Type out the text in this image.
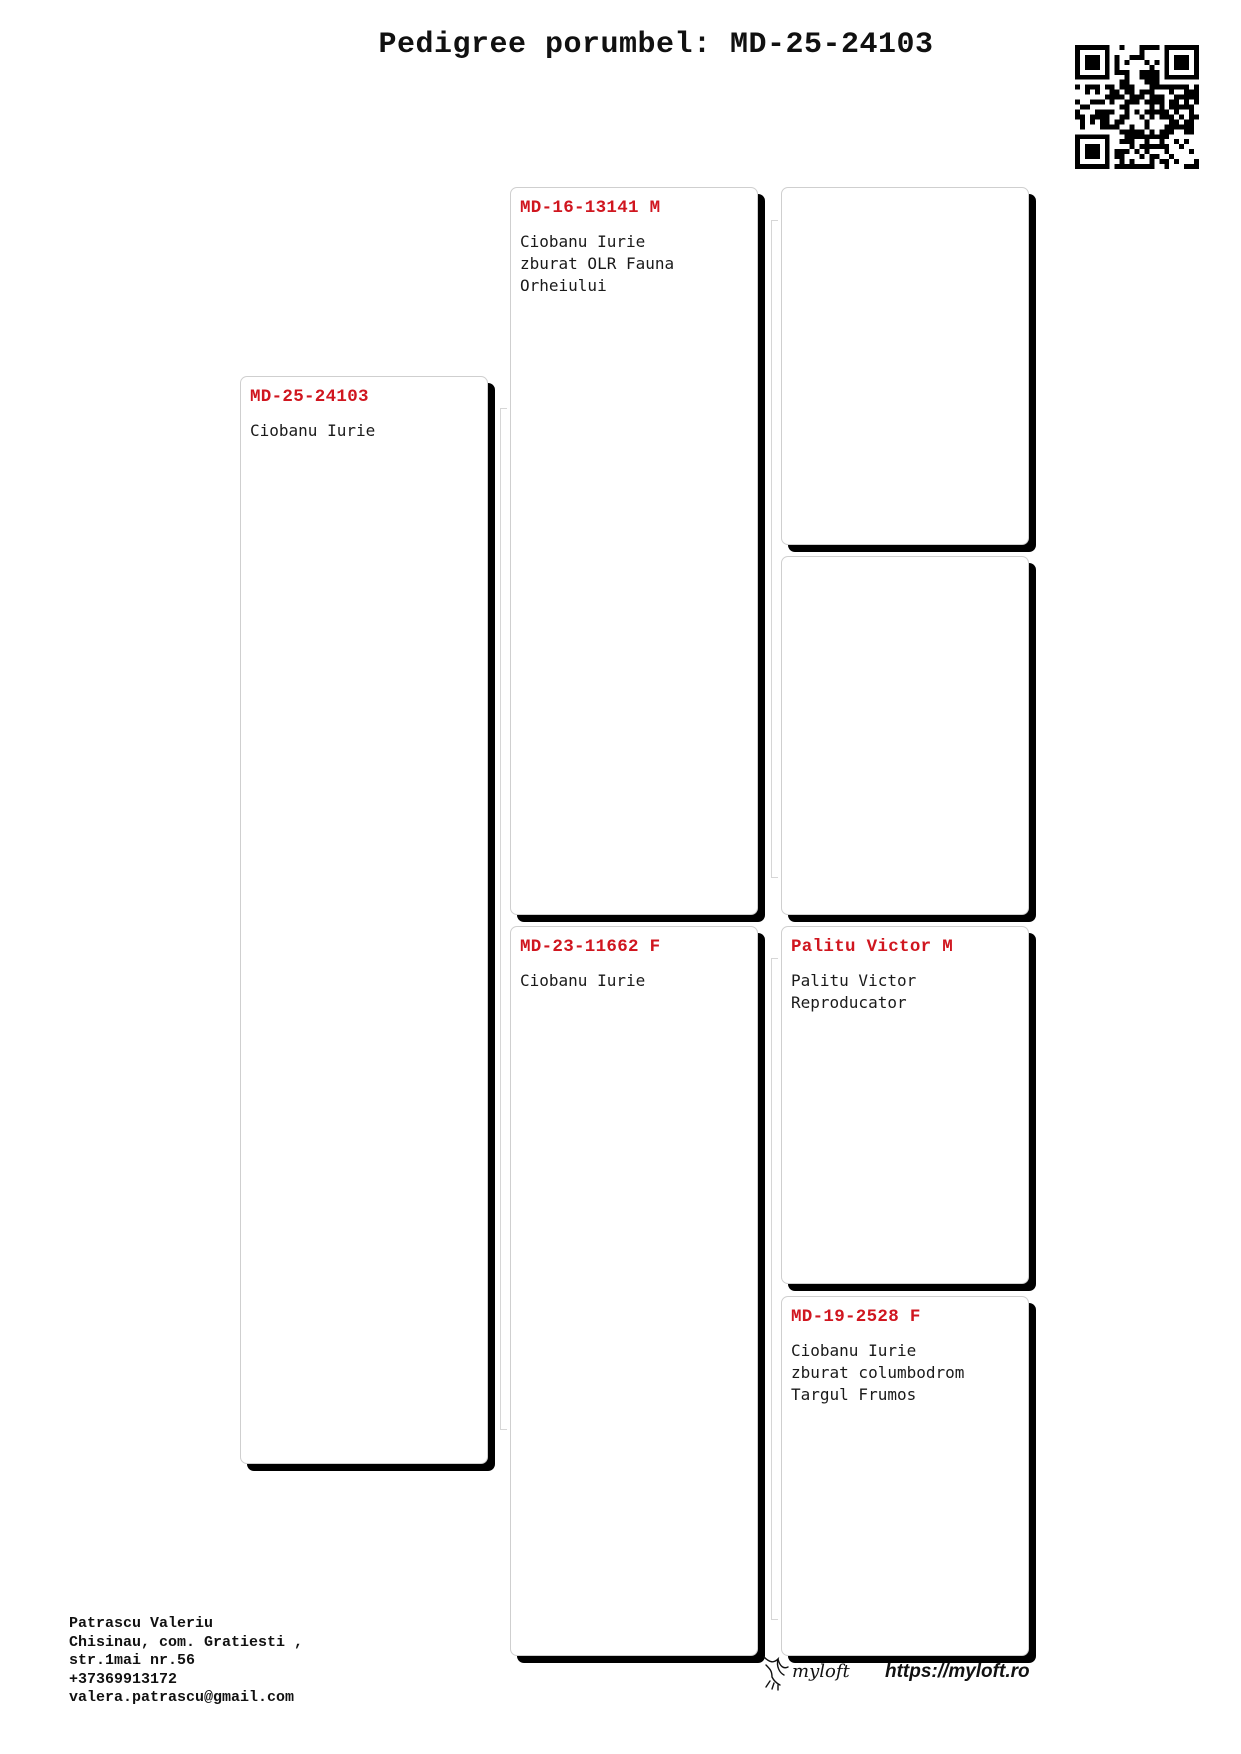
Pedigree porumbel: MD-25-24103
MD-25-24103
Ciobanu Iurie
MD-16-13141 M
Ciobanu Iurie
zburat OLR Fauna
Orheiului
MD-23-11662 F
Ciobanu Iurie
Palitu Victor M
Palitu Victor
Reproducator
MD-19-2528 F
Ciobanu Iurie
zburat columbodrom
Targul Frumos
Patrascu Valeriu
Chisinau, com. Gratiesti ,
str.1mai nr.56
+37369913172
valera.patrascu@gmail.com
myloft https://myloft.ro
